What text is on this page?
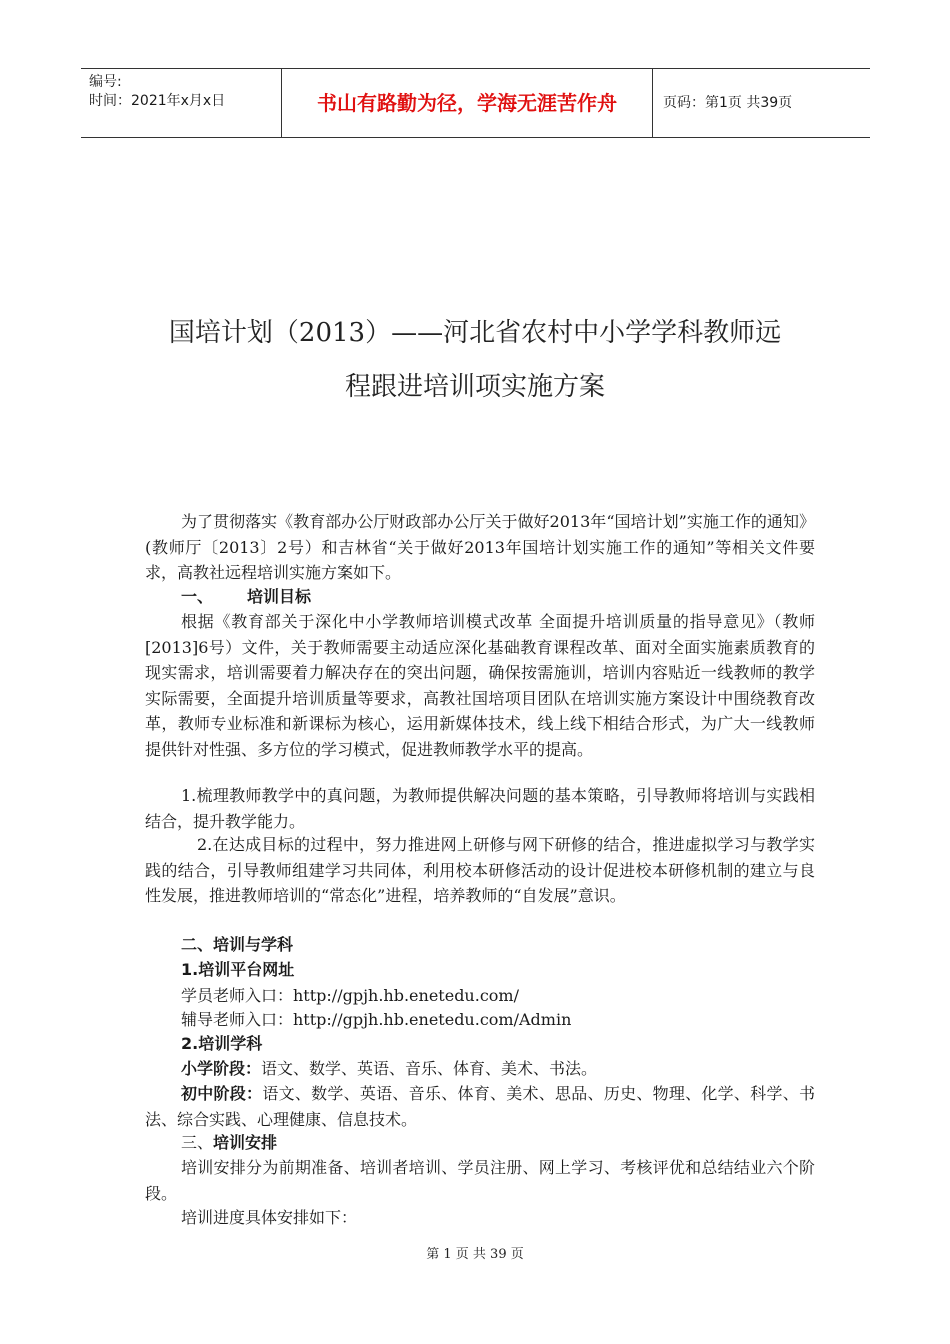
编号:
时间：2021年x月x日	书山有路勤为径，学海无涯苦作舟	页码：第1页 共39页
国培计划（2013）——河北省农村中小学学科教师远
程跟进培训项实施方案
为了贯彻落实《教育部办公厅财政部办公厅关于做好2013年“国培计划”实施工作的通知》(教师厅〔2013〕2号）和吉林省“关于做好2013年国培计划实施工作的通知”等相关文件要求，高教社远程培训实施方案如下。
一、 培训目标
根据《教育部关于深化中小学教师培训模式改革 全面提升培训质量的指导意见》（教师[2013]6号）文件，关于教师需要主动适应深化基础教育课程改革、面对全面实施素质教育的现实需求，培训需要着力解决存在的突出问题，确保按需施训，培训内容贴近一线教师的教学实际需要，全面提升培训质量等要求，高教社国培项目团队在培训实施方案设计中围绕教育改革，教师专业标准和新课标为核心，运用新媒体技术，线上线下相结合形式，为广大一线教师提供针对性强、多方位的学习模式，促进教师教学水平的提高。
1.梳理教师教学中的真问题，为教师提供解决问题的基本策略，引导教师将培训与实践相结合，提升教学能力。
2.在达成目标的过程中，努力推进网上研修与网下研修的结合，推进虚拟学习与教学实践的结合，引导教师组建学习共同体，利用校本研修活动的设计促进校本研修机制的建立与良性发展，推进教师培训的“常态化”进程，培养教师的“自发展”意识。
二、培训与学科
1.培训平台网址
学员老师入口：http://gpjh.hb.enetedu.com/
辅导老师入口：http://gpjh.hb.enetedu.com/Admin
2.培训学科
小学阶段：语文、数学、英语、音乐、体育、美术、书法。
初中阶段：语文、数学、英语、音乐、体育、美术、思品、历史、物理、化学、科学、书法、综合实践、心理健康、信息技术。
三、培训安排
培训安排分为前期准备、培训者培训、学员注册、网上学习、考核评优和总结结业六个阶段。
培训进度具体安排如下：
第 1 页 共 39 页
